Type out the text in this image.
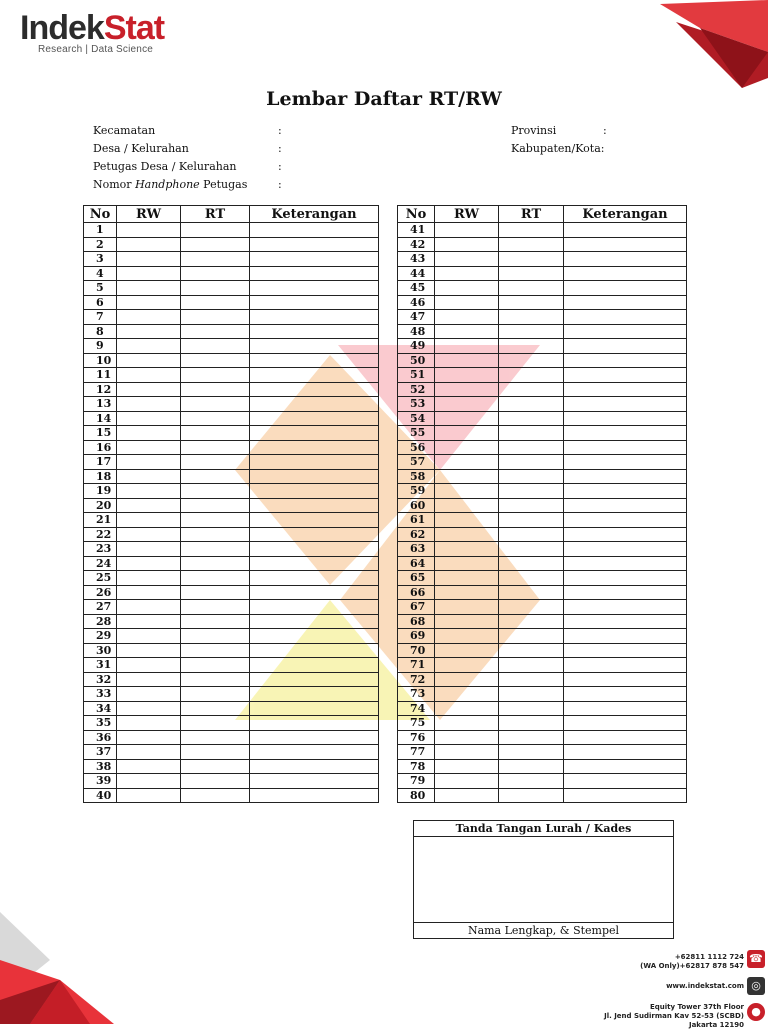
IndekStat
Research | Data Science
Lembar Daftar RT/RW
Kecamatan	:
Desa / Kelurahan	:
Petugas Desa / Kelurahan	:
Nomor Handphone Petugas	:
Provinsi	:
Kabupaten/Kota:
No	RW	RT	Keterangan
1			
2			
3			
4			
5			
6			
7			
8			
9			
10			
11			
12			
13			
14			
15			
16			
17			
18			
19			
20			
21			
22			
23			
24			
25			
26			
27			
28			
29			
30			
31			
32			
33			
34			
35			
36			
37			
38			
39			
40			
No	RW	RT	Keterangan
41			
42			
43			
44			
45			
46			
47			
48			
49			
50			
51			
52			
53			
54			
55			
56			
57			
58			
59			
60			
61			
62			
63			
64			
65			
66			
67			
68			
69			
70			
71			
72			
73			
74			
75			
76			
77			
78			
79			
80			
Tanda Tangan Lurah / Kades
Nama Lengkap, & Stempel
+62811 1112 724
(WA Only)+62817 878 547
☎
www.indekstat.com ◎
Equity Tower 37th Floor
Jl. Jend Sudirman Kav 52-53 (SCBD)
Jakarta 12190
●
